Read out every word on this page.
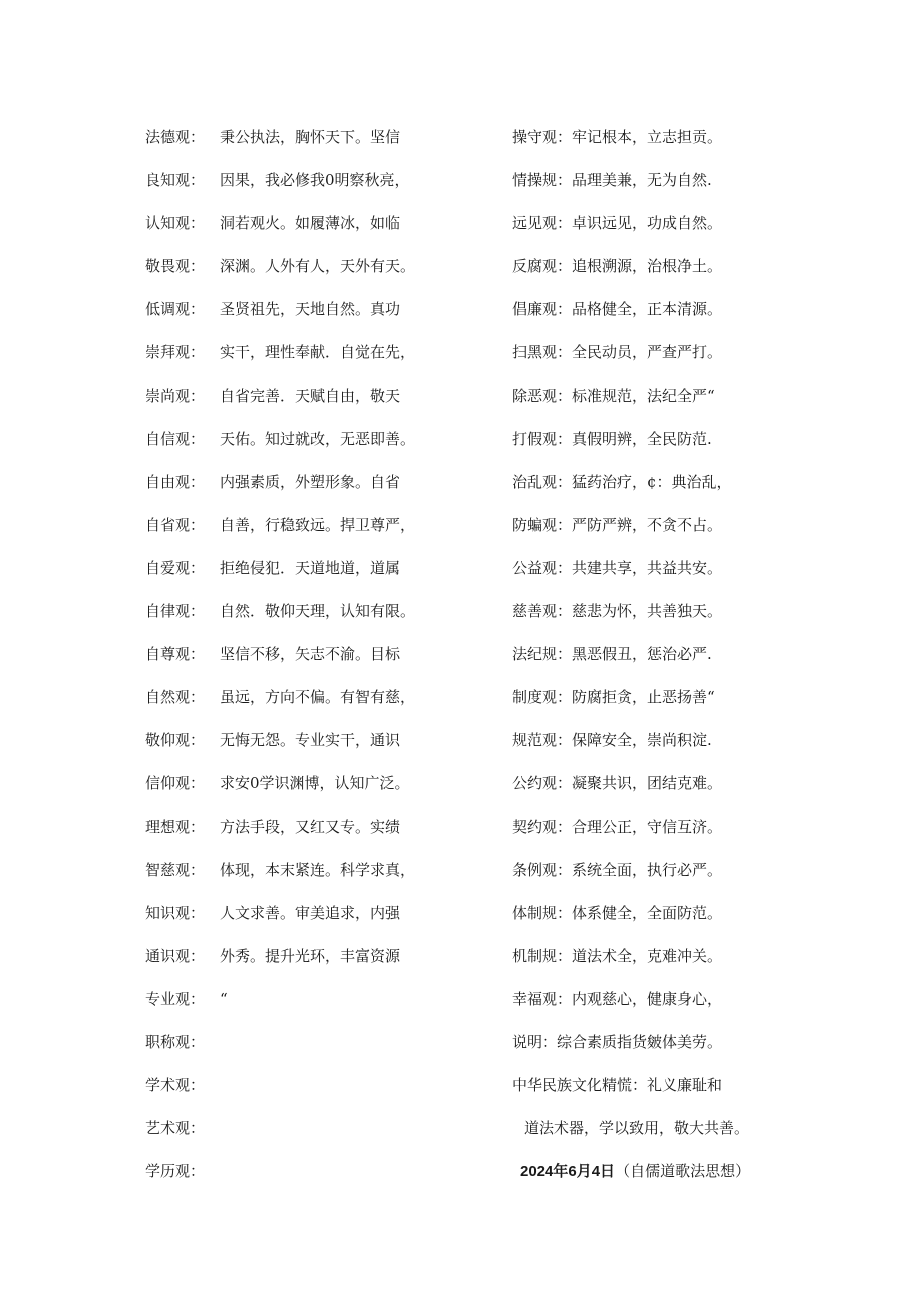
法德观：
良知观：
认知观：
敬畏观：
低调观：
崇拜观：
崇尚观：
自信观：
自由观：
自省观：
自爱观：
自律观：
自尊观：
自然观：
敬仰观：
信仰观：
理想观：
智慈观：
知识观：
通识观：
专业观：
职称观：
学术观：
艺术观：
学历观：
秉公执法，胸怀天下。坚信
因果，我必修我0明察秋亮，
洞若观火。如履薄冰，如临
深渊。人外有人，天外有天。
圣贤祖先，天地自然。真功
实干，理性奉献．自觉在先，
自省完善．天赋自由，敬天
天佑。知过就改，无恶即善。
内强素质，外塑形象。自省
自善，行稳致远。捍卫尊严，
拒绝侵犯．天道地道，道属
自然．敬仰天理，认知有限。
坚信不移，矢志不渝。目标
虽远，方向不偏。有智有慈，
无悔无怨。专业实干，通识
求安0学识渊博，认知广泛。
方法手段，又红又专。实绩
体现，本末紧连。科学求真，
人文求善。审美追求，内强
外秀。提升光环，丰富资源
“
操守观：牢记根本，立志担贡。
情操规：品理美兼，无为自然.
远见观：卓识远见，功成自然。
反腐观：追根溯源，治根净土。
倡廉观：品格健全，正本清源。
扫黑观：全民动员，严查严打。
除恶观：标准规范，法纪全严“
打假观：真假明辨，全民防范.
治乱观：猛药治疗，¢：典治乱，
防蝙观：严防严辨，不贪不占。
公益观：共建共享，共益共安。
慈善观：慈悲为怀，共善独天。
法纪规：黑恶假丑，惩治必严.
制度观：防腐拒贪，止恶扬善“
规范观：保障安全，崇尚积淀.
公约观：凝聚共识，团结克难。
契约观：合理公正，守信互济。
条例观：系统全面，执行必严。
体制规：体系健全，全面防范。
机制规：道法术全，克难冲关。
幸福观：内观慈心，健康身心，
说明：综合素质指货皴体美劳。
中华民族文化精慌：礼义廉耻和
道法术器，学以致用，敬大共善。
2024年6月4日（自儒道歌法思想）
